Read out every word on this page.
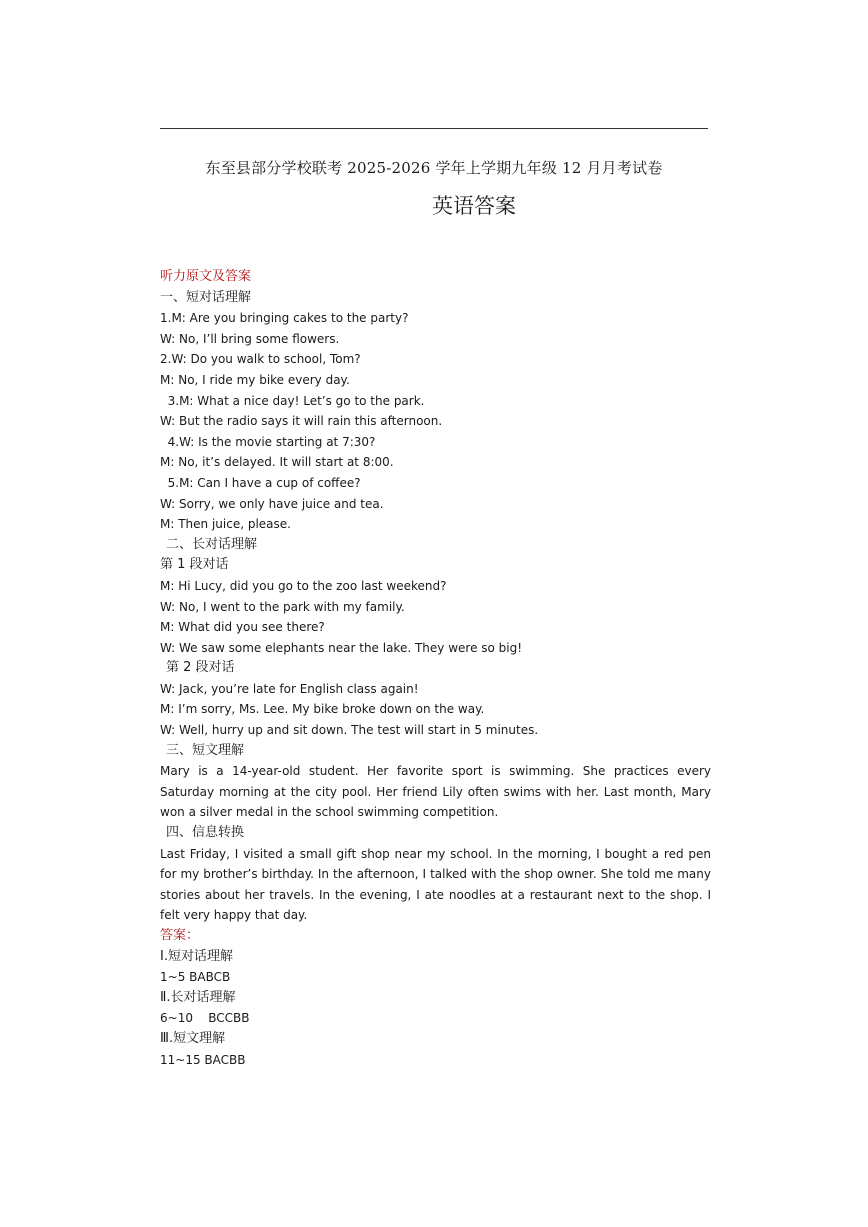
东至县部分学校联考 2025-2026 学年上学期九年级 12 月月考试卷
英语答案
听力原文及答案
一、短对话理解
1.M: Are you bringing cakes to the party?
W: No, I’ll bring some flowers.
2.W: Do you walk to school, Tom?
M: No, I ride my bike every day.
3.M: What a nice day! Let’s go to the park.
W: But the radio says it will rain this afternoon.
4.W: Is the movie starting at 7:30?
M: No, it’s delayed. It will start at 8:00.
5.M: Can I have a cup of coffee?
W: Sorry, we only have juice and tea.
M: Then juice, please.
二、长对话理解
第 1 段对话
M: Hi Lucy, did you go to the zoo last weekend?
W: No, I went to the park with my family.
M: What did you see there?
W: We saw some elephants near the lake. They were so big!
第 2 段对话
W: Jack, you’re late for English class again!
M: I’m sorry, Ms. Lee. My bike broke down on the way.
W: Well, hurry up and sit down. The test will start in 5 minutes.
三、短文理解
Mary is a 14-year-old student. Her favorite sport is swimming. She practices every Saturday morning at the city pool. Her friend Lily often swims with her. Last month, Mary won a silver medal in the school swimming competition.
四、信息转换
Last Friday, I visited a small gift shop near my school. In the morning, I bought a red pen for my brother’s birthday. In the afternoon, I talked with the shop owner. She told me many stories about her travels. In the evening, I ate noodles at a restaurant next to the shop. I felt very happy that day.
答案：
Ⅰ.短对话理解
1~5 BABCB
Ⅱ.长对话理解
6~10    BCCBB
Ⅲ.短文理解
11~15 BACBB
